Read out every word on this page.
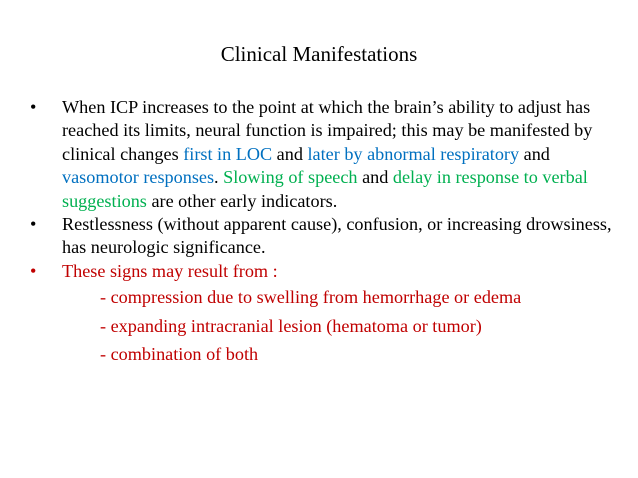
Clinical Manifestations
• When ICP increases to the point at which the brain’s ability to adjust has reached its limits, neural function is impaired; this may be manifested by clinical changes first in LOC and later by abnormal respiratory and vasomotor responses. Slowing of speech and delay in response to verbal suggestions are other early indicators.
• Restlessness (without apparent cause), confusion, or increasing drowsiness, has neurologic significance.
• These signs may result from :
- compression due to swelling from hemorrhage or edema
- expanding intracranial lesion (hematoma or tumor)
- combination of both
